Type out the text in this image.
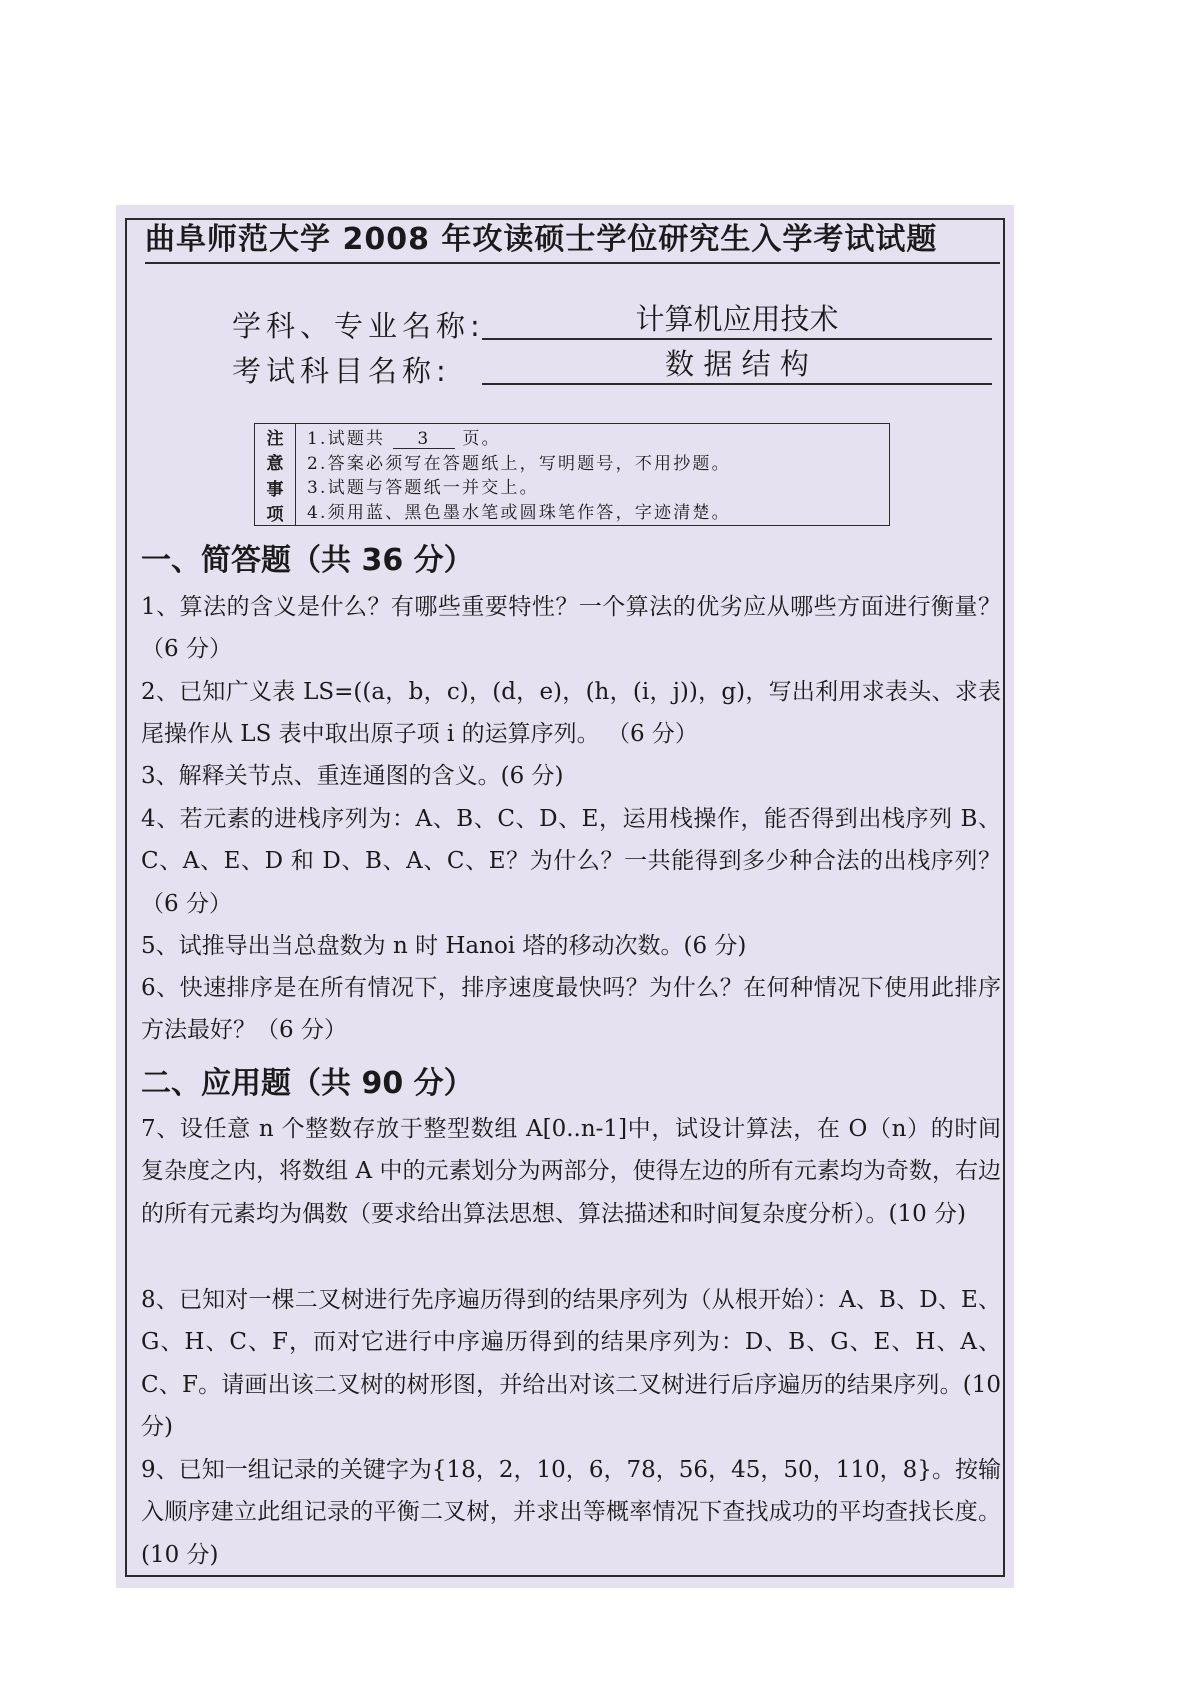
曲阜师范大学 2008 年攻读硕士学位研究生入学考试试题
学科、专业名称:	计算机应用技术
考试科目名称:	数 据 结 构
注
意
事
项
1.试题共 3 页。
2.答案必须写在答题纸上，写明题号，不用抄题。
3.试题与答题纸一并交上。
4.须用蓝、黑色墨水笔或圆珠笔作答，字迹清楚。
一、简答题（共 36 分）
1、算法的含义是什么？有哪些重要特性？一个算法的优劣应从哪些方面进行衡量？（6 分）
2、已知广义表 LS=((a，b，c)，(d，e)，(h，(i，j))，g)，写出利用求表头、求表尾操作从 LS 表中取出原子项 i 的运算序列。 （6 分）
3、解释关节点、重连通图的含义。(6 分)
4、若元素的进栈序列为：A、B、C、D、E，运用栈操作，能否得到出栈序列 B、C、A、E、D 和 D、B、A、C、E？为什么？一共能得到多少种合法的出栈序列？（6 分）
5、试推导出当总盘数为 n 时 Hanoi 塔的移动次数。(6 分)
6、快速排序是在所有情况下，排序速度最快吗？为什么？在何种情况下使用此排序方法最好？（6 分）
二、应用题（共 90 分）
7、设任意 n 个整数存放于整型数组 A[0..n-1]中，试设计算法，在 O（n）的时间复杂度之内，将数组 A 中的元素划分为两部分，使得左边的所有元素均为奇数，右边的所有元素均为偶数（要求给出算法思想、算法描述和时间复杂度分析）。(10 分)
8、已知对一棵二叉树进行先序遍历得到的结果序列为（从根开始）：A、B、D、E、G、H、C、F，而对它进行中序遍历得到的结果序列为：D、B、G、E、H、A、C、F。请画出该二叉树的树形图，并给出对该二叉树进行后序遍历的结果序列。(10 分)
9、已知一组记录的关键字为{18，2，10，6，78，56，45，50，110，8}。按输入顺序建立此组记录的平衡二叉树，并求出等概率情况下查找成功的平均查找长度。(10 分)
